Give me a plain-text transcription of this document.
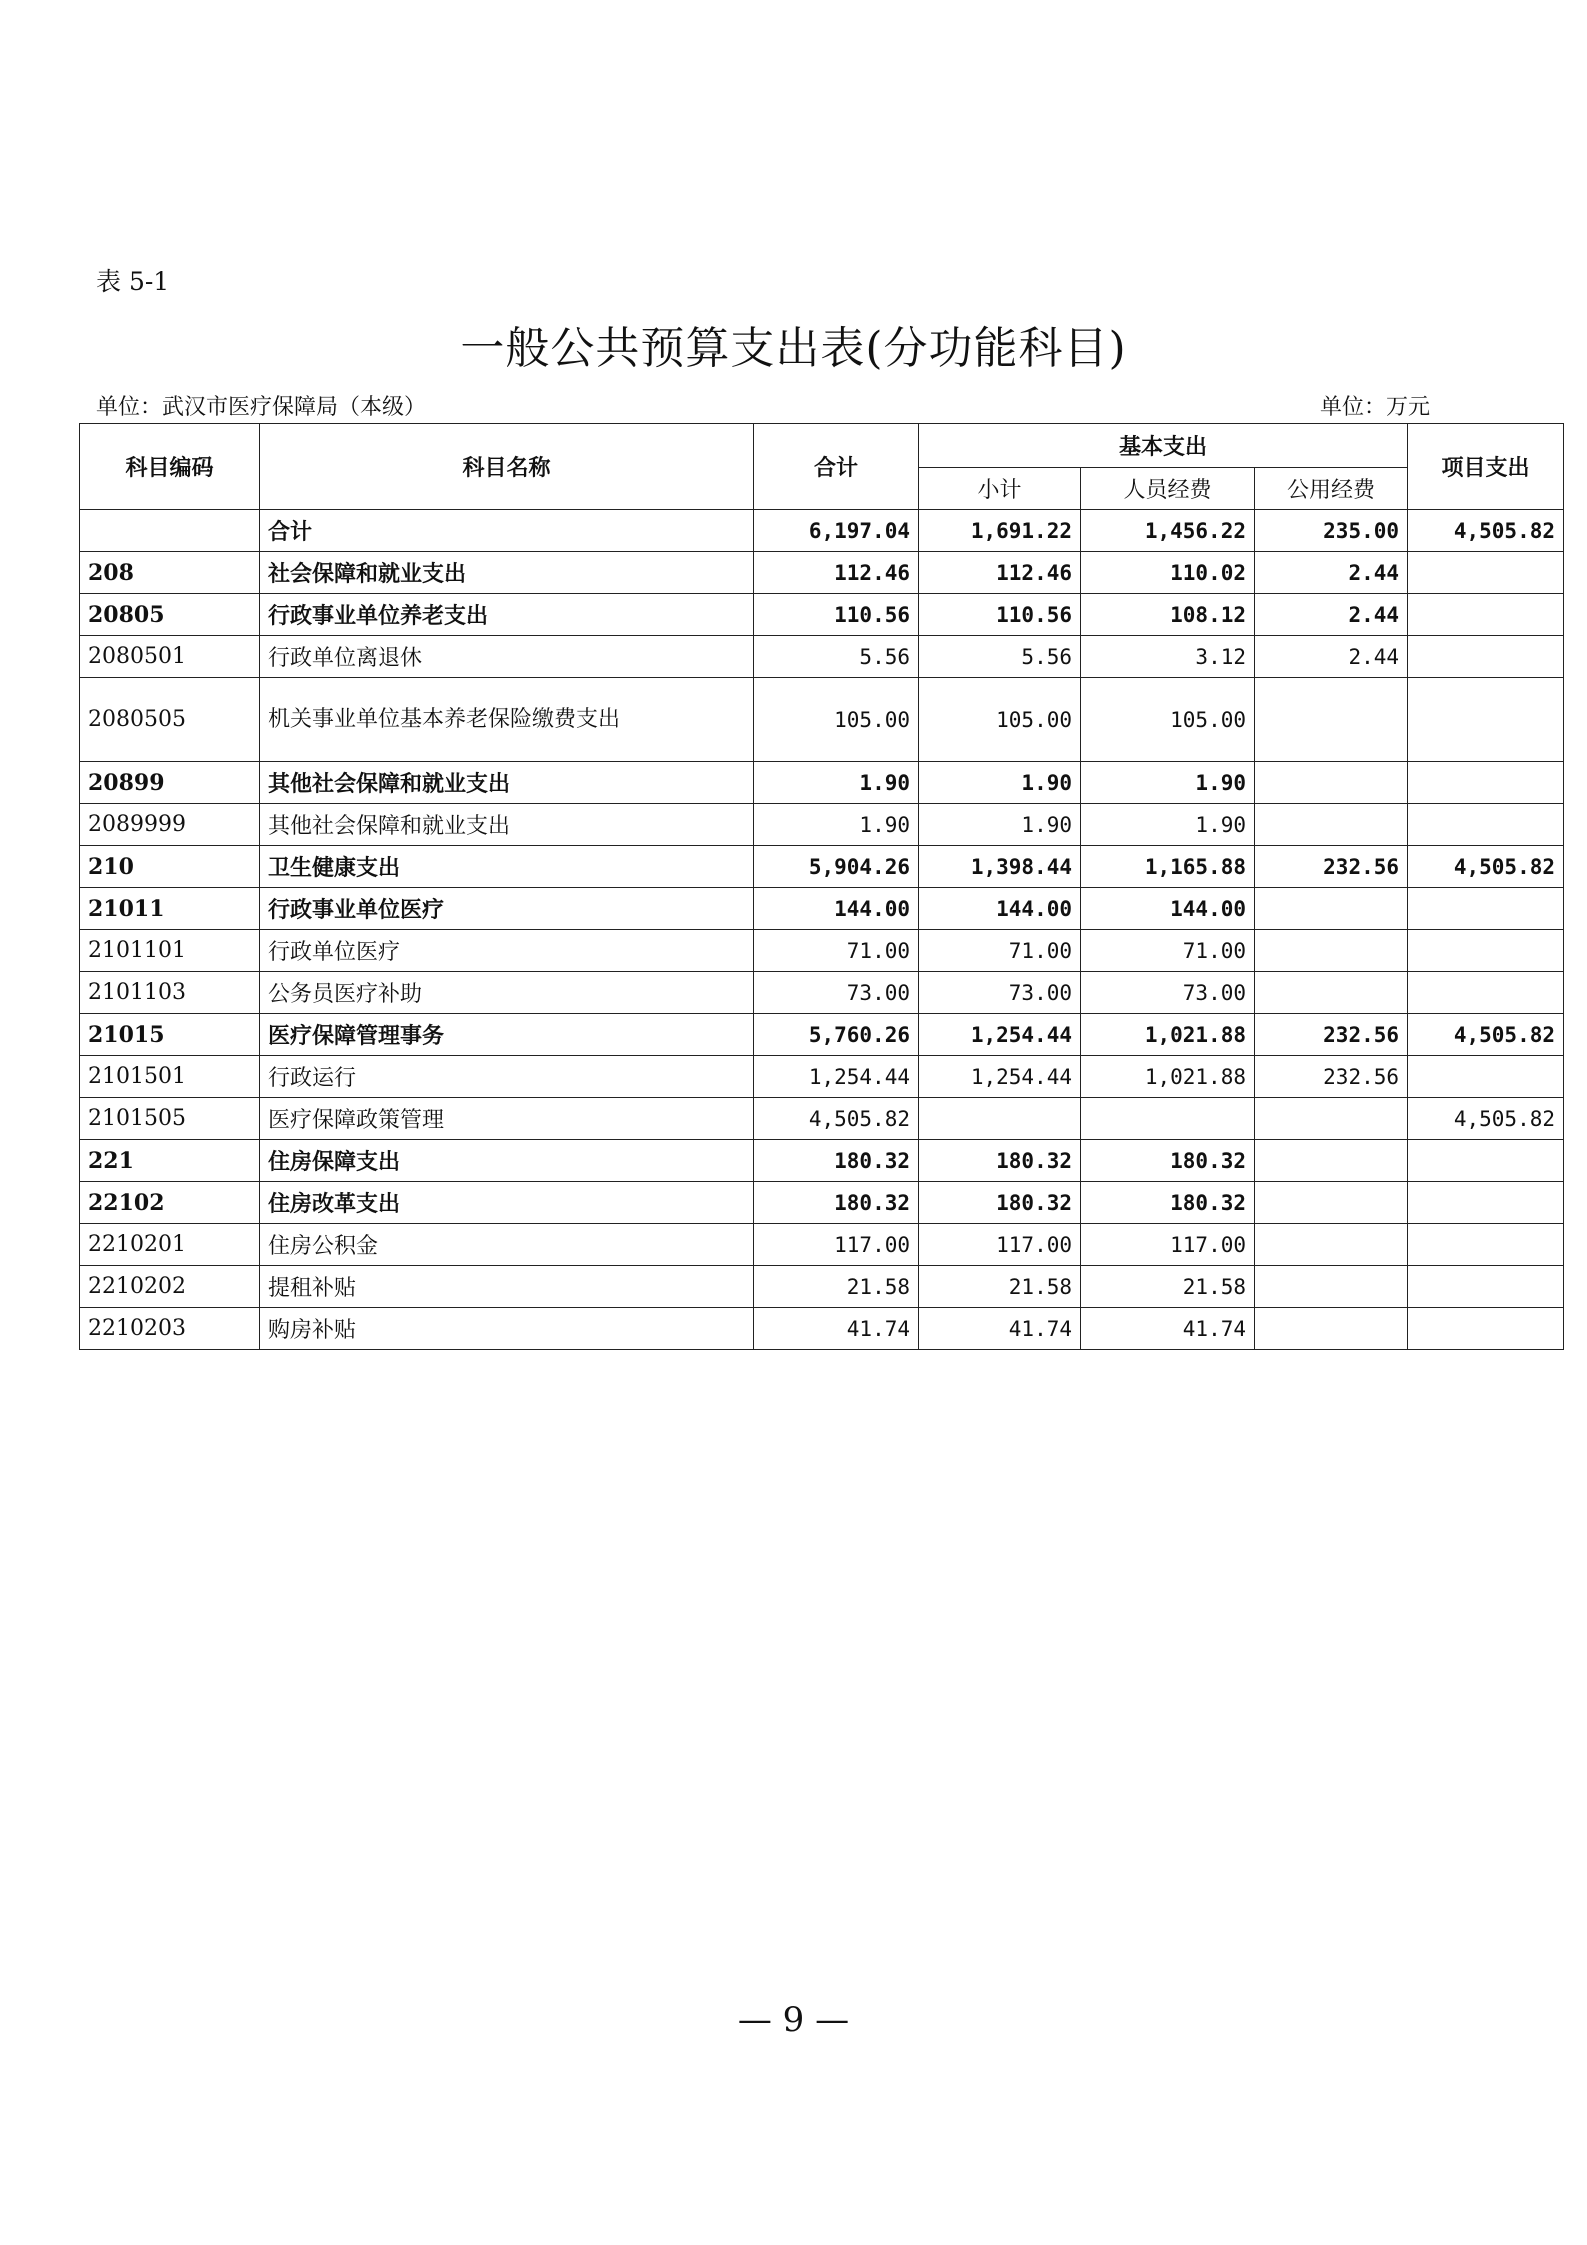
表 5-1
一般公共预算支出表(分功能科目)
单位：武汉市医疗保障局（本级）	单位：万元
科目编码	科目名称	合计	基本支出			项目支出
			小计	人员经费	公用经费	
	合计	6,197.04	1,691.22	1,456.22	235.00	4,505.82
208	社会保障和就业支出	112.46	112.46	110.02	2.44	
20805	行政事业单位养老支出	110.56	110.56	108.12	2.44	
2080501	行政单位离退休	5.56	5.56	3.12	2.44	
2080505	机关事业单位基本养老保险缴费支出	105.00	105.00	105.00		
20899	其他社会保障和就业支出	1.90	1.90	1.90		
2089999	其他社会保障和就业支出	1.90	1.90	1.90		
210	卫生健康支出	5,904.26	1,398.44	1,165.88	232.56	4,505.82
21011	行政事业单位医疗	144.00	144.00	144.00		
2101101	行政单位医疗	71.00	71.00	71.00		
2101103	公务员医疗补助	73.00	73.00	73.00		
21015	医疗保障管理事务	5,760.26	1,254.44	1,021.88	232.56	4,505.82
2101501	行政运行	1,254.44	1,254.44	1,021.88	232.56	
2101505	医疗保障政策管理	4,505.82				4,505.82
221	住房保障支出	180.32	180.32	180.32		
22102	住房改革支出	180.32	180.32	180.32		
2210201	住房公积金	117.00	117.00	117.00		
2210202	提租补贴	21.58	21.58	21.58		
2210203	购房补贴	41.74	41.74	41.74		
— 9 —
